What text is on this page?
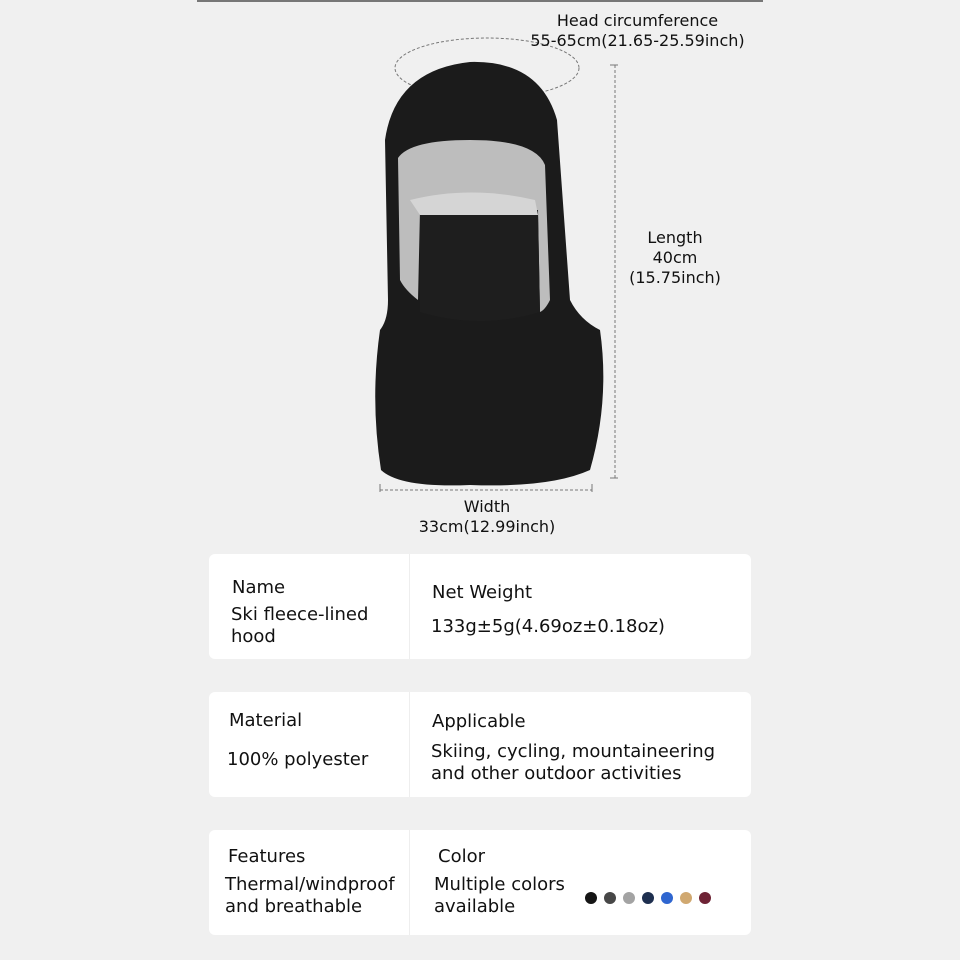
Head circumference
55-65cm(21.65-25.59inch)
Length
40cm
(15.75inch)
Width
33cm(12.99inch)
Name
Ski fleece-lined hood
Net Weight
133g±5g(4.69oz±0.18oz)
Material
100% polyester
Applicable
Skiing, cycling, mountaineering and other outdoor activities
Features
Thermal/windproof and breathable
Color
Multiple colors available
